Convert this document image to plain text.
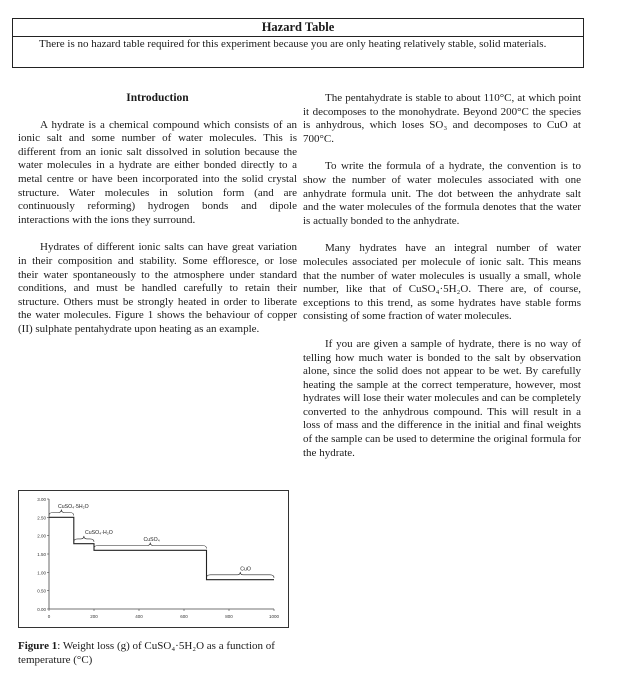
Hazard Table
There is no hazard table required for this experiment because you are only heating relatively stable, solid materials.
Introduction

A hydrate is a chemical compound which consists of an ionic salt and some number of water molecules. This is different from an ionic salt dissolved in solution because the water molecules in a hydrate are either bonded directly to a metal centre or have been incorporated into the solid crystal structure. Water molecules in solution form (and are continuously reforming) hydrogen bonds and dipole interactions with the ions they surround.

Hydrates of different ionic salts can have great variation in their composition and stability. Some effloresce, or lose their water spontaneously to the atmosphere under standard conditions, and must be handled carefully to retain their structure. Others must be strongly heated in order to liberate the water molecules. Figure 1 shows the behaviour of copper (II) sulphate pentahydrate upon heating as an example.

The pentahydrate is stable to about 110°C, at which point it decomposes to the monohydrate. Beyond 200°C the species is anhydrous, which loses SO₃ and decomposes to CuO at 700°C.

To write the formula of a hydrate, the convention is to show the number of water molecules associated with one anhydrate formula unit. The dot between the anhydrate salt and the water molecules of the formula denotes that the water is actually bonded to the anhydrate.

Many hydrates have an integral number of water molecules associated per molecule of ionic salt. This means that the number of water molecules is usually a small, whole number, like that of CuSO₄·5H₂O. There are, of course, exceptions to this trend, as some hydrates have stable forms consisting of some fraction of water molecules.

If you are given a sample of hydrate, there is no way of telling how much water is bonded to the salt by observation alone, since the solid does not appear to be wet. By carefully heating the sample at the correct temperature, however, most hydrates will lose their water molecules and can be completely converted to the anhydrous compound. This will result in a loss of mass and the difference in the initial and final weights of the sample can be used to determine the original formula for the hydrate.

0.00
0.50
1.00
1.50
2.00
2.50
3.00
0	200	400	600	800	1000
CuSO₄·5H₂O
CuSO₄·H₂O
CuSO₄
CuO
Figure 1: Weight loss (g) of CuSO₄·5H₂O as a function of temperature (°C)
